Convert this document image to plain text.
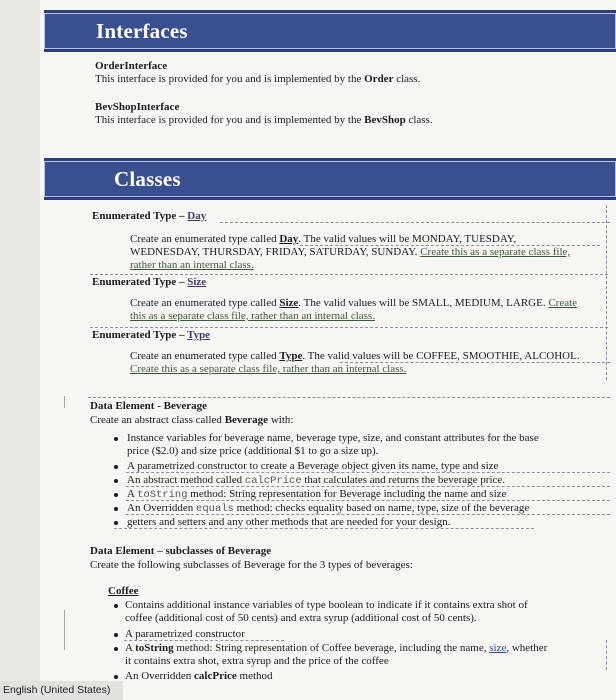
Interfaces
OrderInterface
This interface is provided for you and is implemented by the Order class.
BevShopInterface
This interface is provided for you and is implemented by the BevShop class.
Classes
Enumerated Type – Day
Create an enumerated type called Day. The valid values will be MONDAY, TUESDAY,
WEDNESDAY, THURSDAY, FRIDAY, SATURDAY, SUNDAY. Create this as a separate class file,
rather than an internal class.
Enumerated Type – Size
Create an enumerated type called Size. The valid values will be SMALL, MEDIUM, LARGE. Create
this as a separate class file, rather than an internal class.
Enumerated Type – Type
Create an enumerated type called Type. The valid values will be COFFEE, SMOOTHIE, ALCOHOL.
Create this as a separate class file, rather than an internal class.
Data Element - Beverage
Create an abstract class called Beverage with:
Instance variables for beverage name, beverage type, size, and constant attributes for the base
price ($2.0) and size price (additional $1 to go a size up).
A parametrized constructor to create a Beverage object given its name, type and size
An abstract method called calcPrice that calculates and returns the beverage price.
A toString method: String representation for Beverage including the name and size
An Overridden equals method: checks equality based on name, type, size of the beverage
getters and setters and any other methods that are needed for your design.
Data Element – subclasses of Beverage
Create the following subclasses of Beverage for the 3 types of beverages:
Coffee
Contains additional instance variables of type boolean to indicate if it contains extra shot of
coffee (additional cost of 50 cents) and extra syrup (additional cost of 50 cents).
A parametrized constructor
A toString method: String representation of Coffee beverage, including the name, size, whether
it contains extra shot, extra syrup and the price of the coffee
An Overridden calcPrice method
English (United States)
